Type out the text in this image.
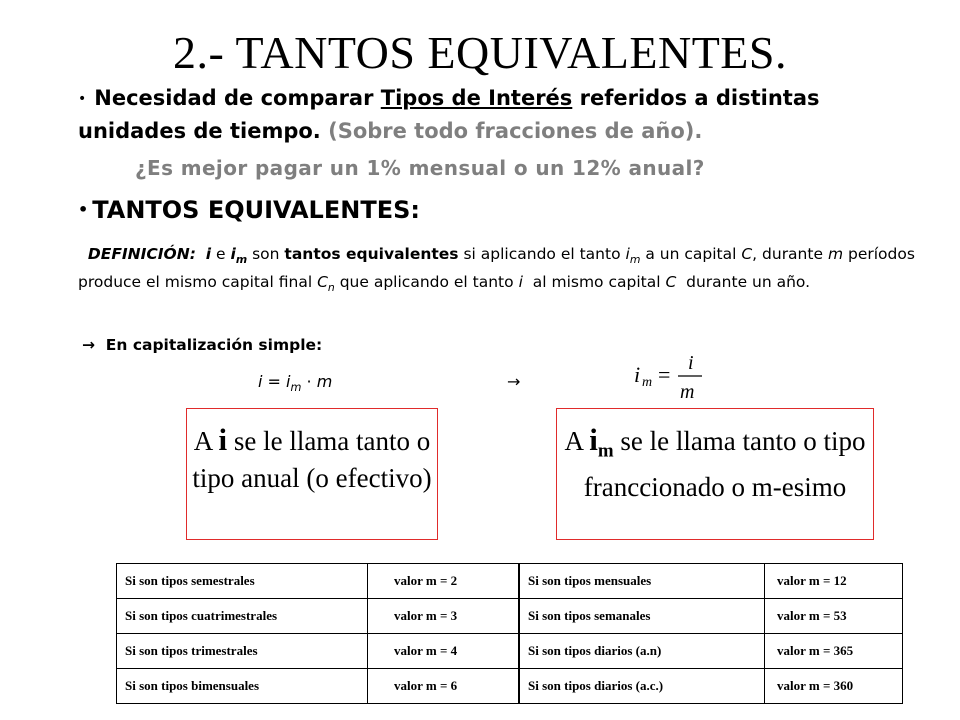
2.- TANTOS EQUIVALENTES.
• Necesidad de comparar Tipos de Interés referidos a distintas unidades de tiempo. (Sobre todo fracciones de año).
¿Es mejor pagar un 1% mensual o un 12% anual?
• TANTOS EQUIVALENTES:
DEFINICIÓN: i e $i_m$ son tantos equivalentes si aplicando el tanto $i_m$ a un capital C, durante m períodos produce el mismo capital final $C_n$ que aplicando el tanto i al mismo capital C durante un año.
→ En capitalización simple:
$i = i_m \cdot m$	→	i m = i
m
A i se le llama tanto o tipo anual (o efectivo)
A $i_m$ se le llama tanto o tipo franccionado o m-esimo
Si son tipos semestrales	valor m = 2	Si son tipos mensuales	valor m = 12
Si son tipos cuatrimestrales	valor m = 3	Si son tipos semanales	valor m = 53
Si son tipos trimestrales	valor m = 4	Si son tipos diarios (a.n)	valor m = 365
Si son tipos bimensuales	valor m = 6	Si son tipos diarios (a.c.)	valor m = 360
